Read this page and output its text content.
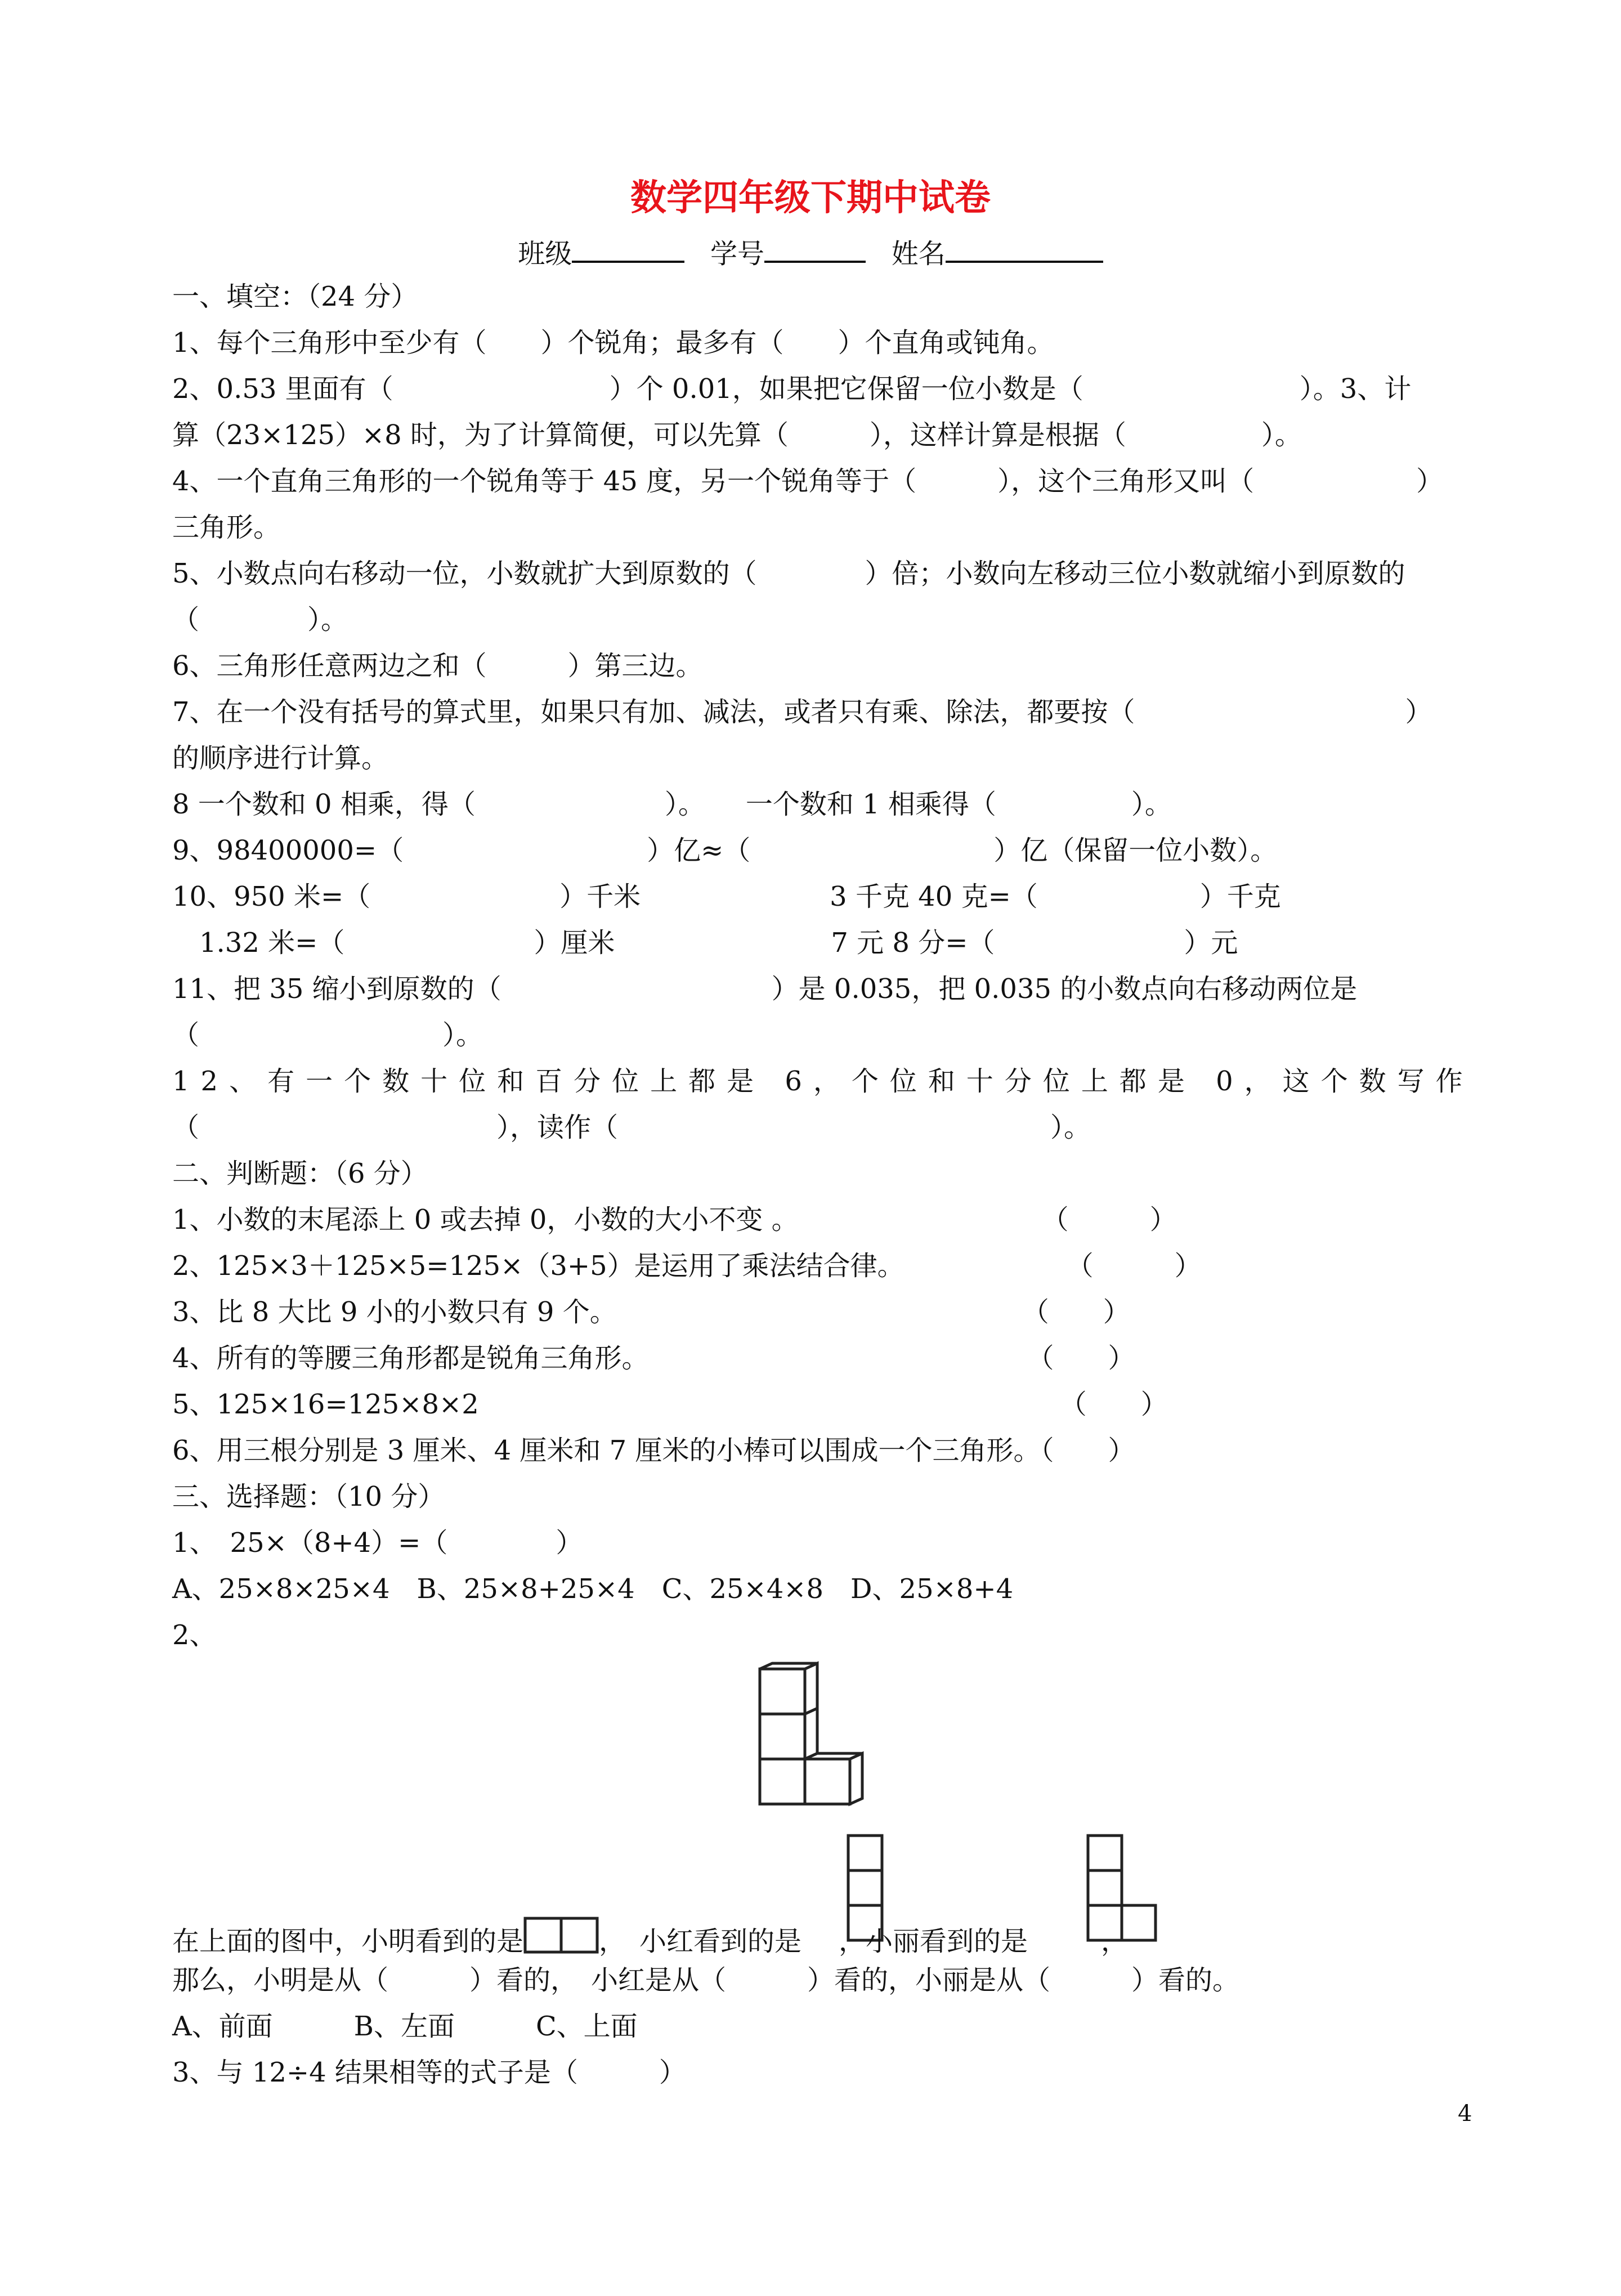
数学四年级下期中试卷
班级	学号	姓名
一、填空：（24 分）
1、每个三角形中至少有（　　）个锐角；最多有（　　）个直角或钝角。
2、0.53 里面有（　　　　　　　　）个 0.01，如果把它保留一位小数是（　　　　　　　　）。3、计
算（23×125）×8 时，为了计算简便，可以先算（　　　），这样计算是根据（　　　　　）。
4、一个直角三角形的一个锐角等于 45 度，另一个锐角等于（　　　），这个三角形又叫（　　　　　　）
三角形。
5、小数点向右移动一位，小数就扩大到原数的（　　　　）倍；小数向左移动三位小数就缩小到原数的
（　　　　）。
6、三角形任意两边之和（　　　）第三边。
7、在一个没有括号的算式里，如果只有加、减法，或者只有乘、除法，都要按（　　　　　　　　　　）
的顺序进行计算。
8 一个数和 0 相乘，得（　　　　　　　）。　　一个数和 1 相乘得（　　　　　）。
9、98400000=（　　　　　　　　　）亿≈（　　　　　　　　　）亿（保留一位小数）。
10、950 米=（　　　　　　　）千米　　　　　　　3 千克 40 克=（　　　　　　）千克
　1.32 米=（　　　　　　　）厘米　　　　　　　　7 元 8 分=（　　　　　　　）元
11、把 35 缩小到原数的（　　　　　　　　　　）是 0.035，把 0.035 的小数点向右移动两位是
（　　　　　　　　　）。
12、有一个数十位和百分位上都是 6，个位和十分位上都是 0，这个数写作
（　　　　　　　　　　　），读作（　　　　　　　　　　　　　　　　）。
二、判断题：（6 分）
1、小数的末尾添上 0 或去掉 0，小数的大小不变 。　　　　　　　　　　（　　　）
2、125×3＋125×5=125×（3+5）是运用了乘法结合律。　　　　　　　（　　　）
3、比 8 大比 9 小的小数只有 9 个。　　　　　　　　　　　　　　　　（　　）
4、所有的等腰三角形都是锐角三角形。　　　　　　　　　　　　　　　（　　）
5、125×16=125×8×2　　　　　　　　　　　　　　　　　　　　　　（　　）
6、用三根分别是 3 厘米、4 厘米和 7 厘米的小棒可以围成一个三角形。（　　）
三、选择题：（10 分）
1、　25×（8+4）=（　　　　）
A、25×8×25×4　B、25×8+25×4　C、25×4×8　D、25×8+4
2、
在上面的图中，小明看到的是	，　小红看到的是 ，小丽看到的是	，
那么，小明是从（　　　）看的，　小红是从（　　　）看的，小丽是从（　　　）看的。
A、前面　　　B、左面　　　C、上面
3、与 12÷4 结果相等的式子是（　　　）
4
